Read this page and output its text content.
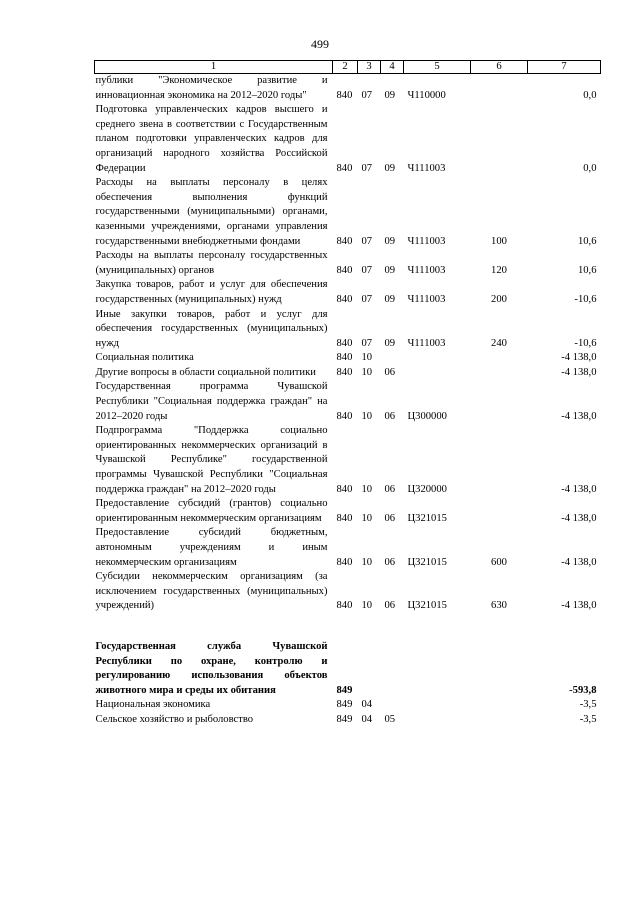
499
1	2	3	4	5	6	7
публики "Экономическое развитие и инновационная экономика на 2012–2020 годы"	840	07	09	Ч110000		0,0
Подготовка управленческих кадров высшего и среднего звена в соответствии с Государственным планом подготовки управленческих кадров для организаций народного хозяйства Российской Федерации	840	07	09	Ч111003		0,0
Расходы на выплаты персоналу в целях обеспечения выполнения функций государственными (муниципальными) органами, казенными учреждениями, органами управления государственными внебюджетными фондами	840	07	09	Ч111003	100	10,6
Расходы на выплаты персоналу государственных (муниципальных) органов	840	07	09	Ч111003	120	10,6
Закупка товаров, работ и услуг для обеспечения государственных (муниципальных) нужд	840	07	09	Ч111003	200	-10,6
Иные закупки товаров, работ и услуг для обеспечения государственных (муниципальных) нужд	840	07	09	Ч111003	240	-10,6
Социальная политика	840	10				-4 138,0
Другие вопросы в области социальной политики	840	10	06			-4 138,0
Государственная программа Чувашской Республики "Социальная поддержка граждан" на 2012–2020 годы	840	10	06	Ц300000		-4 138,0
Подпрограмма "Поддержка социально ориентированных некоммерческих организаций в Чувашской Республике" государственной программы Чувашской Республики "Социальная поддержка граждан" на 2012–2020 годы	840	10	06	Ц320000		-4 138,0
Предоставление субсидий (грантов) социально ориентированным некоммерческим организациям	840	10	06	Ц321015		-4 138,0
Предоставление субсидий бюджетным, автономным учреждениям и иным некоммерческим организациям	840	10	06	Ц321015	600	-4 138,0
Субсидии некоммерческим организациям (за исключением государственных (муниципальных) учреждений)	840	10	06	Ц321015	630	-4 138,0

Государственная служба Чувашской Республики по охране, контролю и регулированию использования объектов животного мира и среды их обитания	849					-593,8
Национальная экономика	849	04				-3,5
Сельское хозяйство и рыболовство	849	04	05			-3,5
